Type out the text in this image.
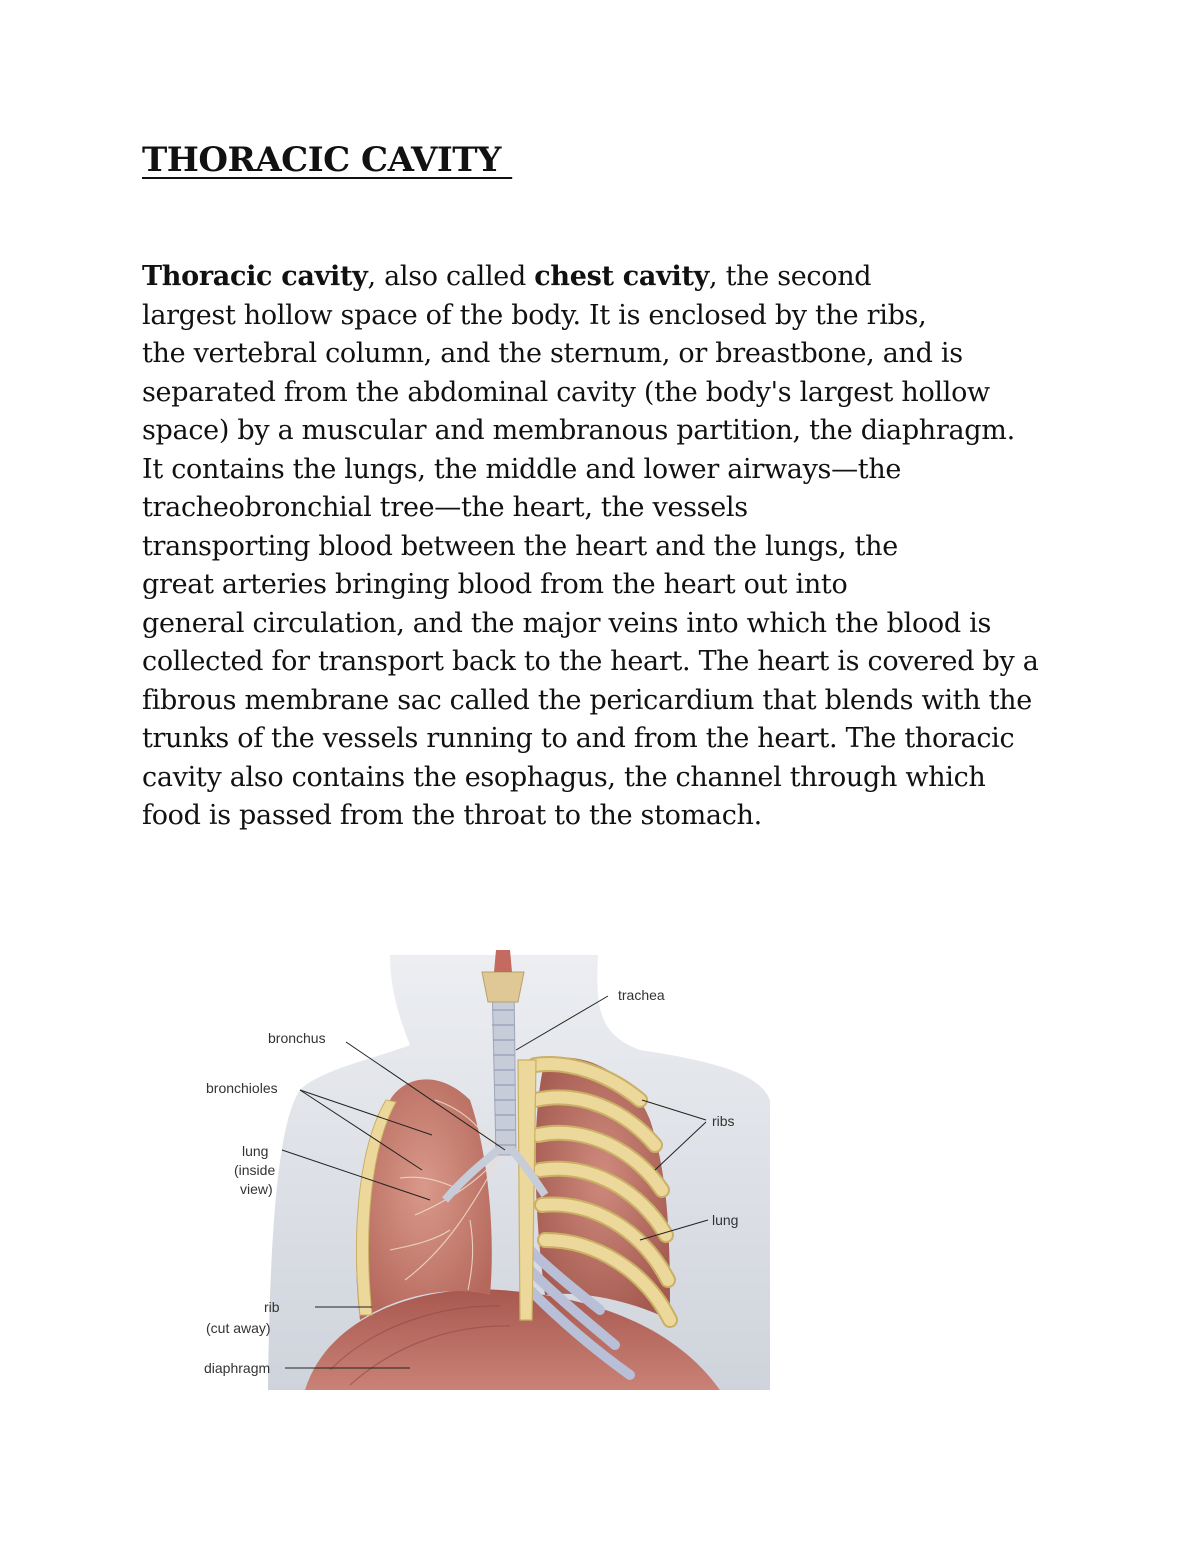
THORACIC CAVITY
Thoracic cavity, also called chest cavity, the second
largest hollow space of the body. It is enclosed by the ribs,
the vertebral column, and the sternum, or breastbone, and is
separated from the abdominal cavity (the body's largest hollow
space) by a muscular and membranous partition, the diaphragm.
It contains the lungs, the middle and lower airways—the
tracheobronchial tree—the heart, the vessels
transporting blood between the heart and the lungs, the
great arteries bringing blood from the heart out into
general circulation, and the major veins into which the blood is
collected for transport back to the heart. The heart is covered by a
fibrous membrane sac called the pericardium that blends with the
trunks of the vessels running to and from the heart. The thoracic
cavity also contains the esophagus, the channel through which
food is passed from the throat to the stomach.
trachea
bronchus
bronchioles
lung
(inside
view)
ribs
lung
rib
(cut away)
diaphragm
